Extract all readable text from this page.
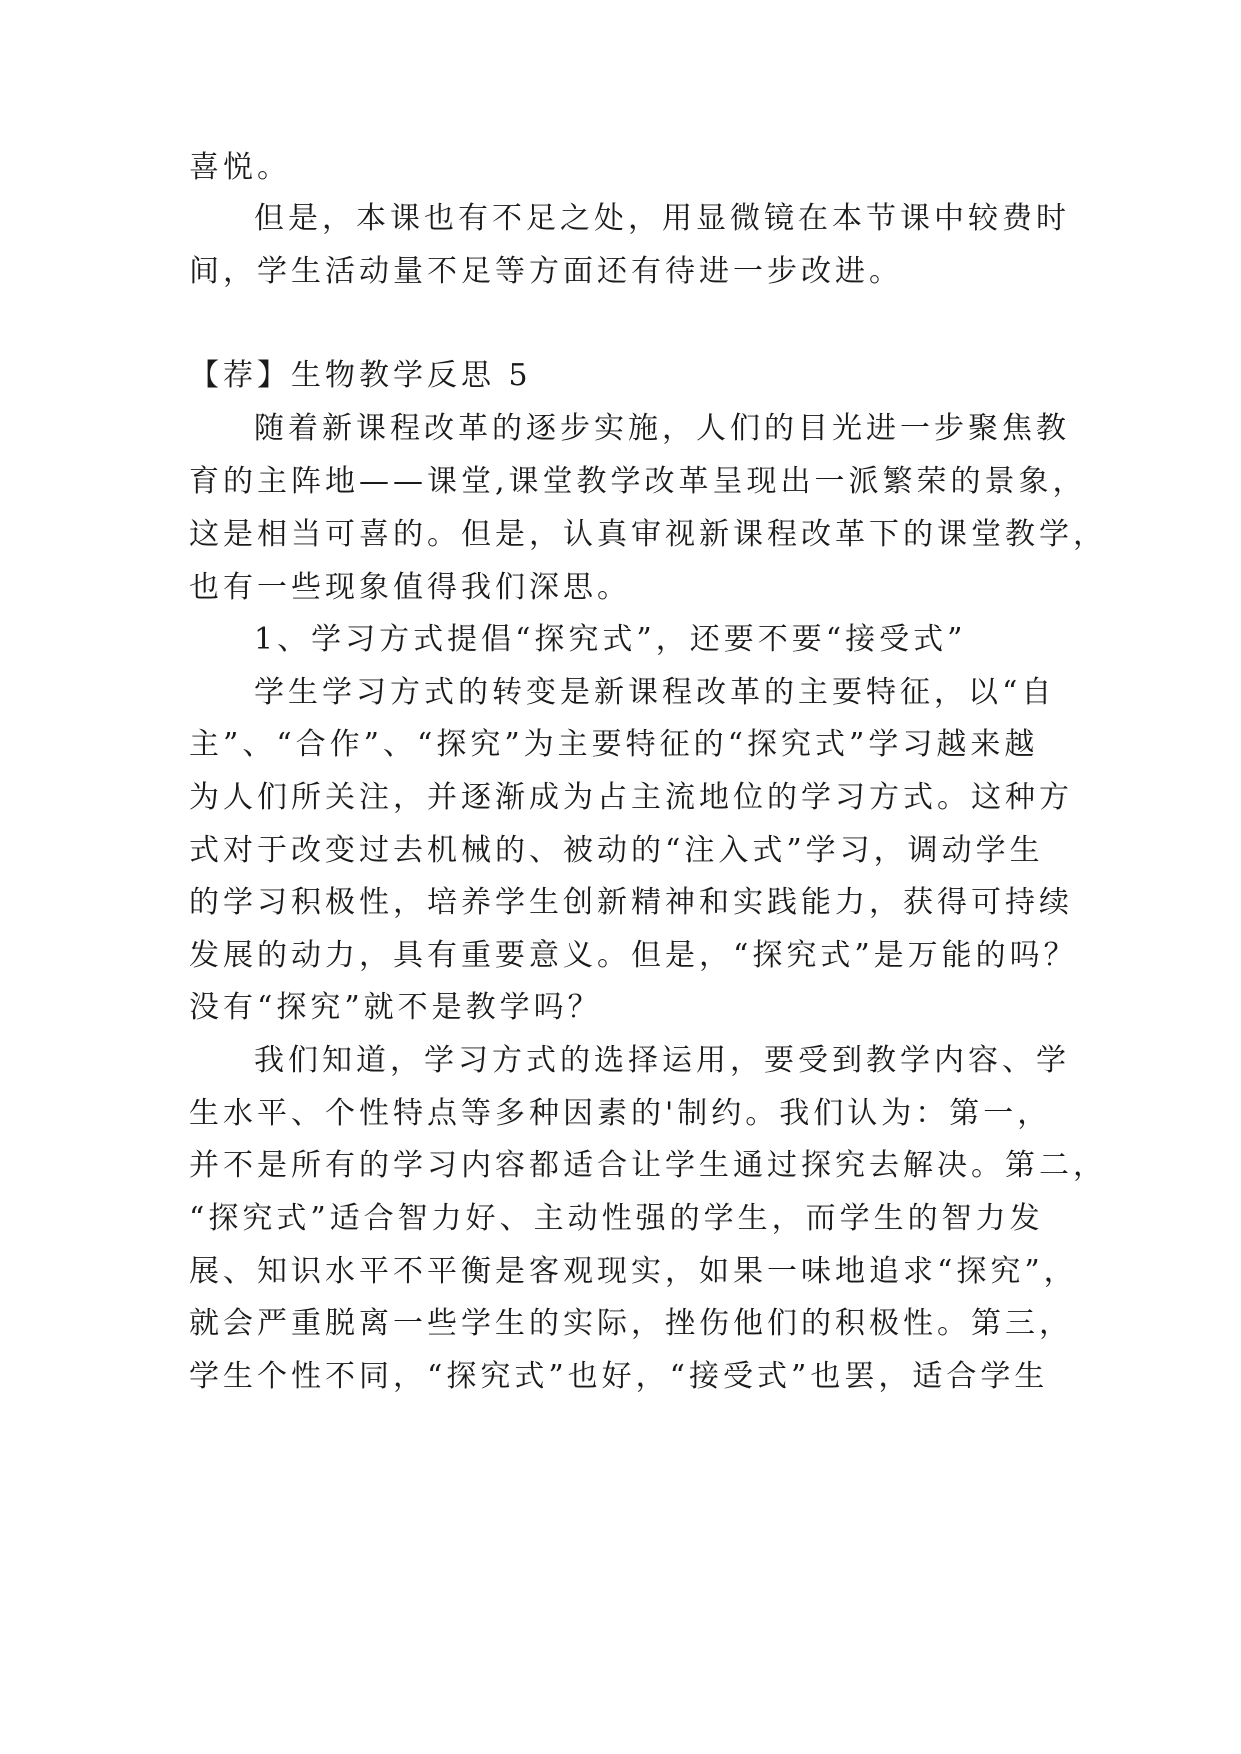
喜悦。
但是，本课也有不足之处，用显微镜在本节课中较费时
间，学生活动量不足等方面还有待进一步改进。
【荐】生物教学反思 5
随着新课程改革的逐步实施，人们的目光进一步聚焦教
育的主阵地——课堂,课堂教学改革呈现出一派繁荣的景象，
这是相当可喜的。但是，认真审视新课程改革下的课堂教学，
也有一些现象值得我们深思。
1、学习方式提倡“探究式”，还要不要“接受式”
学生学习方式的转变是新课程改革的主要特征，以“自
主”、“合作”、“探究”为主要特征的“探究式”学习越来越
为人们所关注，并逐渐成为占主流地位的学习方式。这种方
式对于改变过去机械的、被动的“注入式”学习，调动学生
的学习积极性，培养学生创新精神和实践能力，获得可持续
发展的动力，具有重要意义。但是，“探究式”是万能的吗？
没有“探究”就不是教学吗？
我们知道，学习方式的选择运用，要受到教学内容、学
生水平、个性特点等多种因素的'制约。我们认为：第一，
并不是所有的学习内容都适合让学生通过探究去解决。第二，
“探究式”适合智力好、主动性强的学生，而学生的智力发
展、知识水平不平衡是客观现实，如果一味地追求“探究”，
就会严重脱离一些学生的实际，挫伤他们的积极性。第三，
学生个性不同，“探究式”也好，“接受式”也罢，适合学生
